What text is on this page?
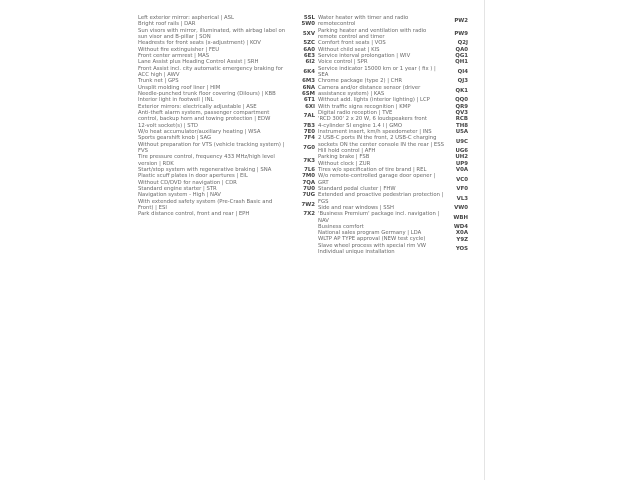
Left exterior mirror: aspherical | ASL	5SL
Bright roof rails | DAR	5W0
Sun visors with mirror, illuminated, with airbag label on sun visor and B-pillar | SON	5XV
Headrests for front seats (x-adjustment) | KOV	5ZC
Without fire extinguisher | FEU	6A0
Front center armrest | MAS	6E3
Lane Assist plus Heading Control Assist | SRH	6I2
Front Assist incl. city automatic emergency braking for ACC high | AWV	6K4
Trunk net | GPS	6M3
Unsplit molding roof liner | HIM	6NA
Needle-punched trunk floor covering (Dilours) | KBB	6SM
Interior light in footwell | INL	6T1
Exterior mirrors: electrically adjustable | ASE	6XI
Anti-theft alarm system, passenger compartment control, backup horn and towing protection | EDW	7AL
12-volt socket(s) | STD	7B3
W/o heat accumulator/auxiliary heating | WSA	7E0
Sports gearshift knob | SAG	7F4
Without preparation for VTS (vehicle tracking system) | FVS	7G0
Tire pressure control, frequency 433 MHz/high level version | RDK	7K3
Start/stop system with regenerative braking | SNA	7L6
Plastic scuff plates in door apertures | EIL	7M0
Without CD/DVD for navigation | CDR	7QA
Standard engine starter | STR	7U0
Navigation system - High | NAV	7UG
With extended safety system (Pre-Crash Basic and Front) | ESI	7W2
Park distance control, front and rear | EPH	7X2
Water heater with timer and radio remotecontrol	PW2
Parking heater and ventilation with radio remote control and timer	PW9
Comfort front seats | VOS	Q2J
Without child seat | KIS	QA0
Service interval prolongation | WIV	QG1
Voice control | SPR	QH1
Service indicator 15000 km or 1 year ( fix ) | SEA	QI4
Chrome package (type 2) | CHR	QJ3
Camera and/or distance sensor (driver assistance system) | KAS	QK1
Without add. lights (interior lighting) | LCP	QQ0
With traffic signs recognition | KMP	QR9
Digital radio reception | TVE	QV3
'RCD 300' 2 x 20 W, 6 loudspeakers front	RCB
4-cylinder SI engine 1.4 l | GMO	TH8
Instrument insert, km/h speedometer | INS	U5A
2 USB-C ports IN the front, 2 USB-C charging sockets ON the center console IN the rear | ESS	U9C
Hill hold control | AFH	UG6
Parking brake | FSB	UH2
Without clock | ZUR	UP9
Tires w/o specification of tire brand | REL	V0A
W/o remote-controlled garage door opener | GRT	VC0
Standard pedal cluster | FHW	VF0
Extended and proactive pedestrian protection | FGS	VL3
Side and rear windows | SSH	VW0
'Business Premium' package incl. navigation | NAV	WBH
Business comfort	WD4
National sales program Germany | LDA	X0A
WLTP AP TYPE approval (NEW test cycle)	Y9Z
Slave wheel process with special rim VW Individual unique installation	YOS
